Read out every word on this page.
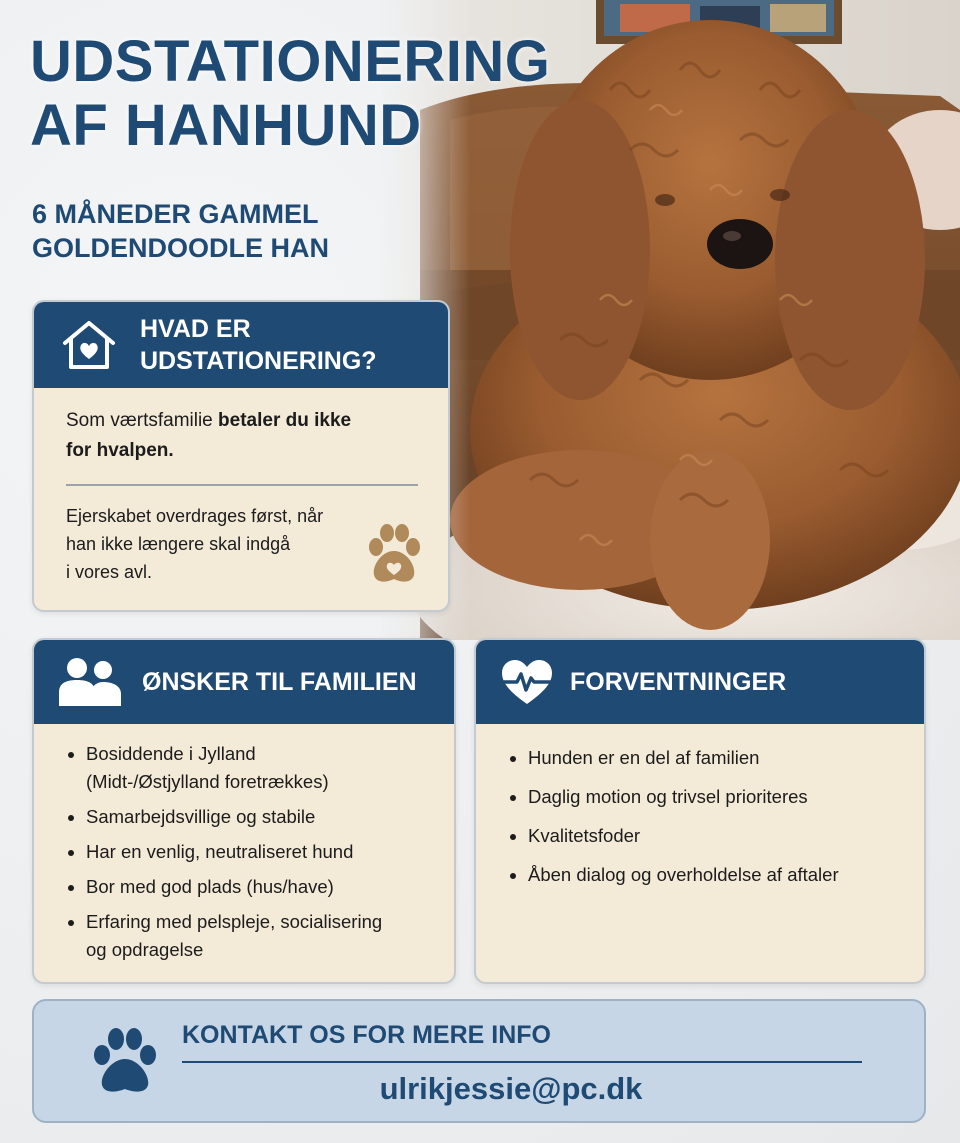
UDSTATIONERING
AF HANHUND
6 MÅNEDER GAMMEL
GOLDENDOODLE HAN
HVAD ER
UDSTATIONERING?
Som værtsfamilie betaler du ikke
for hvalpen.
Ejerskabet overdrages først, når
han ikke længere skal indgå
i vores avl.
ØNSKER TIL FAMILIEN
Bosiddende i Jylland
(Midt-/Østjylland foretrækkes)
Samarbejdsvillige og stabile
Har en venlig, neutraliseret hund
Bor med god plads (hus/have)
Erfaring med pelspleje, socialisering
og opdragelse
FORVENTNINGER
Hunden er en del af familien
Daglig motion og trivsel prioriteres
Kvalitetsfoder
Åben dialog og overholdelse af aftaler
KONTAKT OS FOR MERE INFO
ulrikjessie@pc.dk
